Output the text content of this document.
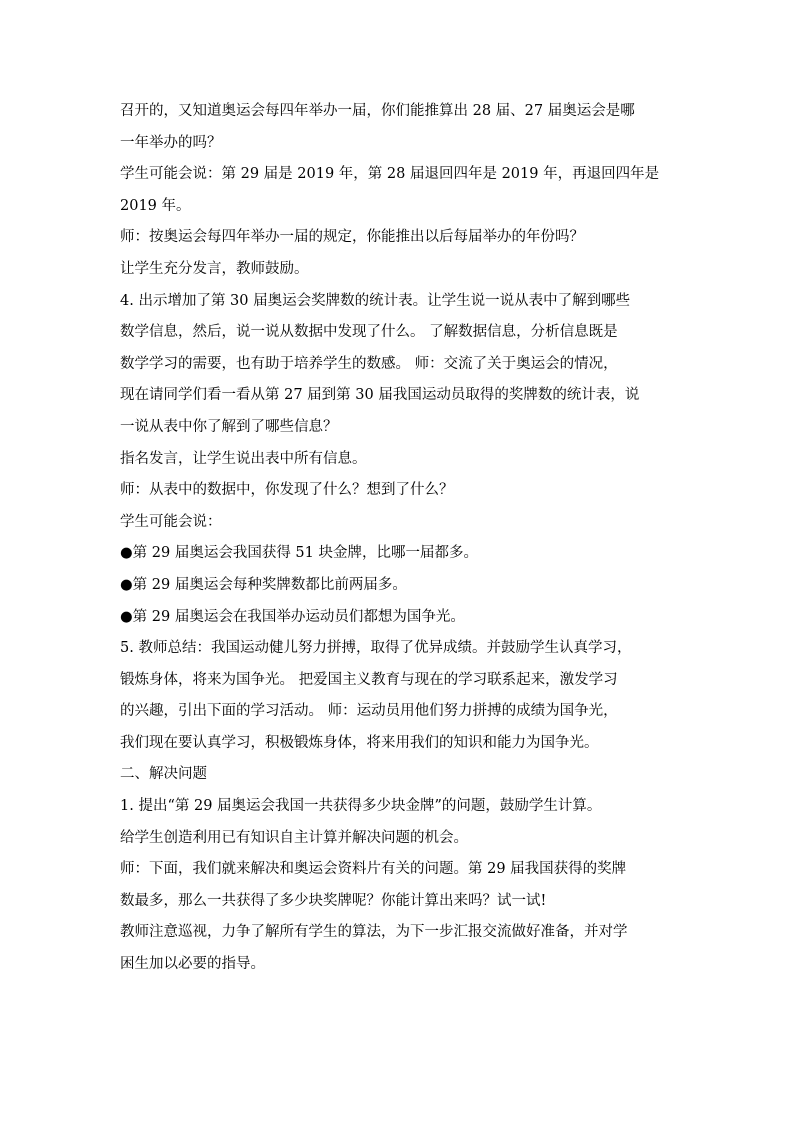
召开的，又知道奥运会每四年举办一届，你们能推算出 28 届、27 届奥运会是哪
一年举办的吗？
学生可能会说：第 29 届是 2019 年，第 28 届退回四年是 2019 年，再退回四年是
2019 年。
师：按奥运会每四年举办一届的规定，你能推出以后每届举办的年份吗？
让学生充分发言，教师鼓励。
4. 出示增加了第 30 届奥运会奖牌数的统计表。让学生说一说从表中了解到哪些
数学信息，然后，说一说从数据中发现了什么。 了解数据信息，分析信息既是
数学学习的需要，也有助于培养学生的数感。 师：交流了关于奥运会的情况，
现在请同学们看一看从第 27 届到第 30 届我国运动员取得的奖牌数的统计表，说
一说从表中你了解到了哪些信息？
指名发言，让学生说出表中所有信息。
师：从表中的数据中，你发现了什么？想到了什么？
学生可能会说：
●第 29 届奥运会我国获得 51 块金牌，比哪一届都多。
●第 29 届奥运会每种奖牌数都比前两届多。
●第 29 届奥运会在我国举办运动员们都想为国争光。
5. 教师总结：我国运动健儿努力拼搏，取得了优异成绩。并鼓励学生认真学习，
锻炼身体，将来为国争光。 把爱国主义教育与现在的学习联系起来，激发学习
的兴趣，引出下面的学习活动。 师：运动员用他们努力拼搏的成绩为国争光，
我们现在要认真学习，积极锻炼身体，将来用我们的知识和能力为国争光。
二、解决问题
1. 提出“第 29 届奥运会我国一共获得多少块金牌”的问题，鼓励学生计算。
给学生创造利用已有知识自主计算并解决问题的机会。
师：下面，我们就来解决和奥运会资料片有关的问题。第 29 届我国获得的奖牌
数最多，那么一共获得了多少块奖牌呢？你能计算出来吗？试一试!
教师注意巡视，力争了解所有学生的算法，为下一步汇报交流做好准备，并对学
困生加以必要的指导。
